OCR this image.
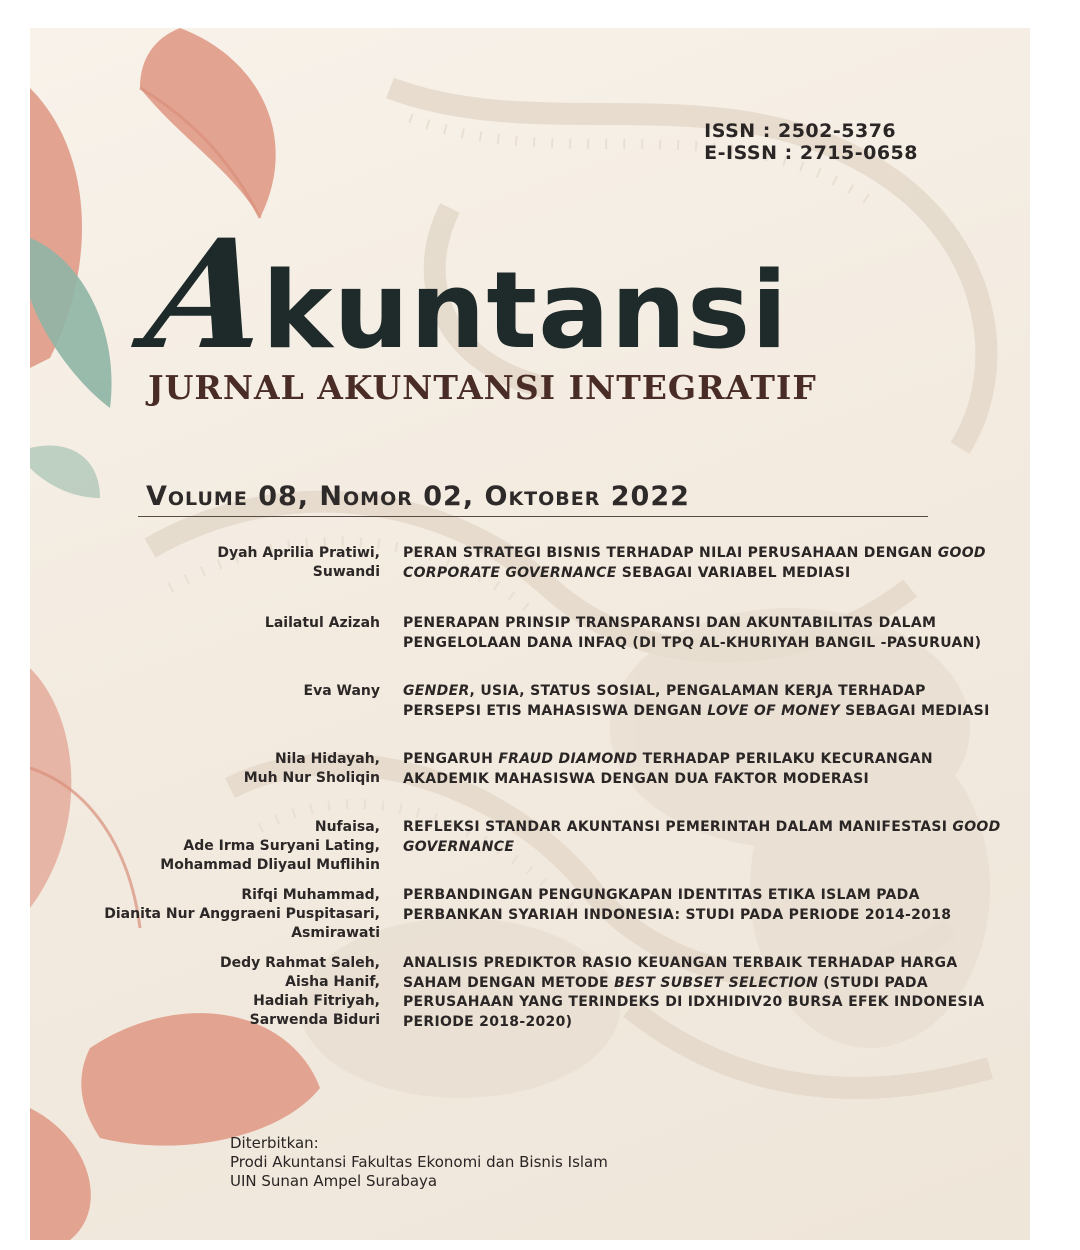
ISSN : 2502-5376
E-ISSN : 2715-0658
A
kuntansi
JURNAL AKUNTANSI INTEGRATIF
Volume 08, Nomor 02, Oktober 2022
Dyah Aprilia Pratiwi,
Suwandi
PERAN STRATEGI BISNIS TERHADAP NILAI PERUSAHAAN DENGAN GOOD CORPORATE GOVERNANCE SEBAGAI VARIABEL MEDIASI
Lailatul Azizah PENERAPAN PRINSIP TRANSPARANSI DAN AKUNTABILITAS DALAM PENGELOLAAN DANA INFAQ (DI TPQ AL-KHURIYAH BANGIL -PASURUAN)
Eva Wany GENDER, USIA, STATUS SOSIAL, PENGALAMAN KERJA TERHADAP PERSEPSI ETIS MAHASISWA DENGAN LOVE OF MONEY SEBAGAI MEDIASI
Nila Hidayah,
Muh Nur Sholiqin
PENGARUH FRAUD DIAMOND TERHADAP PERILAKU KECURANGAN AKADEMIK MAHASISWA DENGAN DUA FAKTOR MODERASI
Nufaisa,
Ade Irma Suryani Lating,
Mohammad Dliyaul Muflihin
REFLEKSI STANDAR AKUNTANSI PEMERINTAH DALAM MANIFESTASI GOOD GOVERNANCE
Rifqi Muhammad,
Dianita Nur Anggraeni Puspitasari,
Asmirawati
PERBANDINGAN PENGUNGKAPAN IDENTITAS ETIKA ISLAM PADA PERBANKAN SYARIAH INDONESIA: STUDI PADA PERIODE 2014-2018
Dedy Rahmat Saleh,
Aisha Hanif,
Hadiah Fitriyah,
Sarwenda Biduri
ANALISIS PREDIKTOR RASIO KEUANGAN TERBAIK TERHADAP HARGA SAHAM DENGAN METODE BEST SUBSET SELECTION (STUDI PADA PERUSAHAAN YANG TERINDEKS DI IDXHIDIV20 BURSA EFEK INDONESIA PERIODE 2018-2020)
Diterbitkan:
Prodi Akuntansi Fakultas Ekonomi dan Bisnis Islam
UIN Sunan Ampel Surabaya
